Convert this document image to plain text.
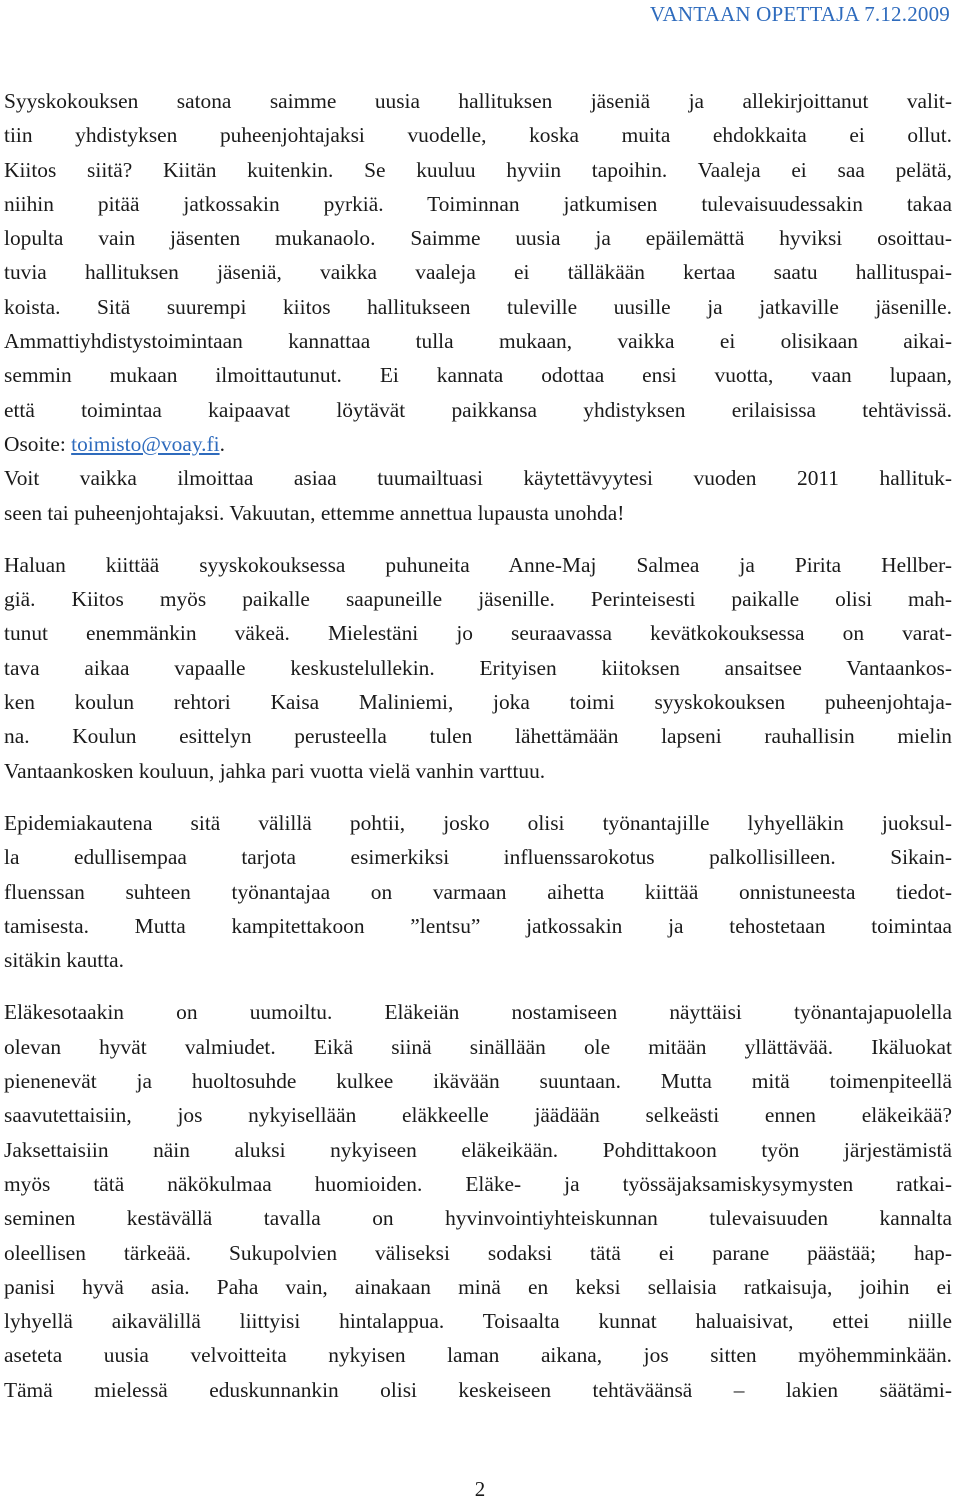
VANTAAN OPETTAJA 7.12.2009
Syyskokouksen satona saimme uusia hallituksen jäseniä ja allekirjoittanut valit-
tiin yhdistyksen puheenjohtajaksi vuodelle, koska muita ehdokkaita ei ollut.
Kiitos siitä? Kiitän kuitenkin. Se kuuluu hyviin tapoihin. Vaaleja ei saa pelätä,
niihin pitää jatkossakin pyrkiä. Toiminnan jatkumisen tulevaisuudessakin takaa
lopulta vain jäsenten mukanaolo. Saimme uusia ja epäilemättä hyviksi osoittau-
tuvia hallituksen jäseniä, vaikka vaaleja ei tälläkään kertaa saatu hallituspai-
koista. Sitä suurempi kiitos hallitukseen tuleville uusille ja jatkaville jäsenille.
Ammattiyhdistystoimintaan kannattaa tulla mukaan, vaikka ei olisikaan aikai-
semmin mukaan ilmoittautunut. Ei kannata odottaa ensi vuotta, vaan lupaan,
että toimintaa kaipaavat löytävät paikkansa yhdistyksen erilaisissa tehtävissä.
Osoite: toimisto@voay.fi.
Voit vaikka ilmoittaa asiaa tuumailtuasi käytettävyytesi vuoden 2011 hallituk-
seen tai puheenjohtajaksi. Vakuutan, ettemme annettua lupausta unohda!
Haluan kiittää syyskokouksessa puhuneita Anne-Maj Salmea ja Pirita Hellber-
giä. Kiitos myös paikalle saapuneille jäsenille. Perinteisesti paikalle olisi mah-
tunut enemmänkin väkeä. Mielestäni jo seuraavassa kevätkokouksessa on varat-
tava aikaa vapaalle keskustelullekin. Erityisen kiitoksen ansaitsee Vantaankos-
ken koulun rehtori Kaisa Maliniemi, joka toimi syyskokouksen puheenjohtaja-
na. Koulun esittelyn perusteella tulen lähettämään lapseni rauhallisin mielin
Vantaankosken kouluun, jahka pari vuotta vielä vanhin varttuu.
Epidemiakautena sitä välillä pohtii, josko olisi työnantajille lyhyelläkin juoksul-
la edullisempaa tarjota esimerkiksi influenssarokotus palkollisilleen. Sikain-
fluenssan suhteen työnantajaa on varmaan aihetta kiittää onnistuneesta tiedot-
tamisesta. Mutta kampitettakoon ”lentsu” jatkossakin ja tehostetaan toimintaa
sitäkin kautta.
Eläkesotaakin on uumoiltu. Eläkeiän nostamiseen näyttäisi työnantajapuolella
olevan hyvät valmiudet. Eikä siinä sinällään ole mitään yllättävää. Ikäluokat
pienenevät ja huoltosuhde kulkee ikävään suuntaan. Mutta mitä toimenpiteellä
saavutettaisiin, jos nykyisellään eläkkeelle jäädään selkeästi ennen eläkeikää?
Jaksettaisiin näin aluksi nykyiseen eläkeikään. Pohdittakoon työn järjestämistä
myös tätä näkökulmaa huomioiden. Eläke- ja työssäjaksamiskysymysten ratkai-
seminen kestävällä tavalla on hyvinvointiyhteiskunnan tulevaisuuden kannalta
oleellisen tärkeää. Sukupolvien väliseksi sodaksi tätä ei parane päästää; hap-
panisi hyvä asia. Paha vain, ainakaan minä en keksi sellaisia ratkaisuja, joihin ei
lyhyellä aikavälillä liittyisi hintalappua. Toisaalta kunnat haluaisivat, ettei niille
aseteta uusia velvoitteita nykyisen laman aikana, jos sitten myöhemminkään.
Tämä mielessä eduskunnankin olisi keskeiseen tehtäväänsä – lakien säätämi-
2
